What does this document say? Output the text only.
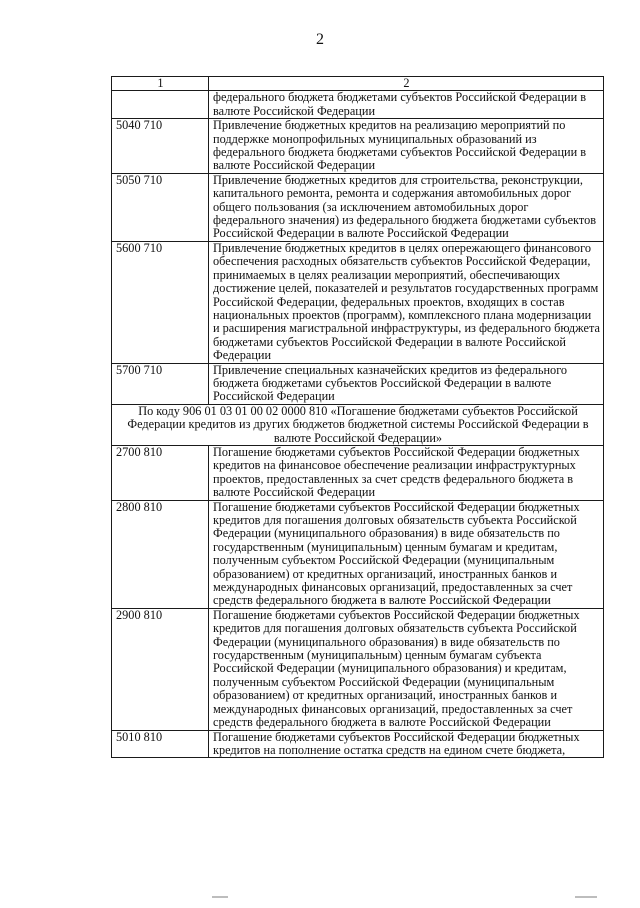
2
1	2
	федерального бюджета бюджетами субъектов Российской Федерации в валюте Российской Федерации
5040 710	Привлечение бюджетных кредитов на реализацию мероприятий по поддержке монопрофильных муниципальных образований из федерального бюджета бюджетами субъектов Российской Федерации в валюте Российской Федерации
5050 710	Привлечение бюджетных кредитов для строительства, реконструкции, капитального ремонта, ремонта и содержания автомобильных дорог общего пользования (за исключением автомобильных дорог федерального значения) из федерального бюджета бюджетами субъектов Российской Федерации в валюте Российской Федерации
5600 710	Привлечение бюджетных кредитов в целях опережающего финансового обеспечения расходных обязательств субъектов Российской Федерации, принимаемых в целях реализации мероприятий, обеспечивающих достижение целей, показателей и результатов государственных программ Российской Федерации, федеральных проектов, входящих в состав национальных проектов (программ), комплексного плана модернизации и расширения магистральной инфраструктуры, из федерального бюджета бюджетами субъектов Российской Федерации в валюте Российской Федерации
5700 710	Привлечение специальных казначейских кредитов из федерального бюджета бюджетами субъектов Российской Федерации в валюте Российской Федерации
По коду 906 01 03 01 00 02 0000 810 «Погашение бюджетами субъектов Российской Федерации кредитов из других бюджетов бюджетной системы Российской Федерации в валюте Российской Федерации»	
2700 810	Погашение бюджетами субъектов Российской Федерации бюджетных кредитов на финансовое обеспечение реализации инфраструктурных проектов, предоставленных за счет средств федерального бюджета в валюте Российской Федерации
2800 810	Погашение бюджетами субъектов Российской Федерации бюджетных кредитов для погашения долговых обязательств субъекта Российской Федерации (муниципального образования) в виде обязательств по государственным (муниципальным) ценным бумагам и кредитам, полученным субъектом Российской Федерации (муниципальным образованием) от кредитных организаций, иностранных банков и международных финансовых организаций, предоставленных за счет средств федерального бюджета в валюте Российской Федерации
2900 810	Погашение бюджетами субъектов Российской Федерации бюджетных кредитов для погашения долговых обязательств субъекта Российской Федерации (муниципального образования) в виде обязательств по государственным (муниципальным) ценным бумагам субъекта Российской Федерации (муниципального образования) и кредитам, полученным субъектом Российской Федерации (муниципальным образованием) от кредитных организаций, иностранных банков и международных финансовых организаций, предоставленных за счет средств федерального бюджета в валюте Российской Федерации
5010 810	Погашение бюджетами субъектов Российской Федерации бюджетных кредитов на пополнение остатка средств на едином счете бюджета,
